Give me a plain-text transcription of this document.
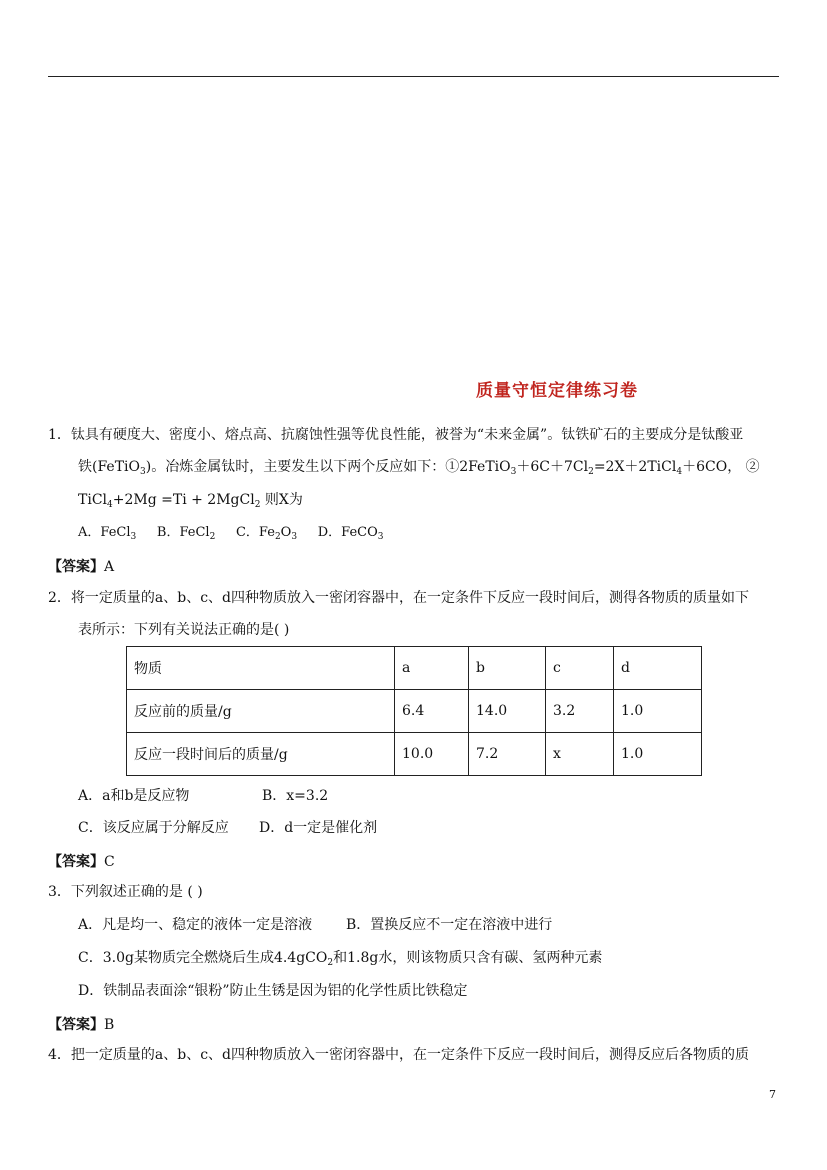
质量守恒定律练习卷
1．钛具有硬度大、密度小、熔点高、抗腐蚀性强等优良性能，被誉为“未来金属”。钛铁矿石的主要成分是钛酸亚
铁(FeTiO$_3$)。冶炼金属钛时，主要发生以下两个反应如下：$①2FeTiO_3+6C+7Cl_2=2X+2TiCl_4+6CO$， ②
TiCl$_4$+2Mg =Ti + 2MgCl$_2$ 则X为
A．FeCl$_3$ B．FeCl$_2$ C．$Fe_2O_3$ D．FeCO$_3$
【答案】A
2．将一定质量的a、b、c、d四种物质放入一密闭容器中，在一定条件下反应一段时间后，测得各物质的质量如下
表所示：下列有关说法正确的是( )
物质	a	b	c	d
反应前的质量/g	6.4	14.0	3.2	1.0
反应一段时间后的质量/g	10.0	7.2	x	1.0
A．a和b是反应物	B．x=3.2
C．该反应属于分解反应 D．d一定是催化剂
【答案】C
3．下列叙述正确的是 ( )
A．凡是均一、稳定的液体一定是溶液 B．置换反应不一定在溶液中进行
C．3.0g某物质完全燃烧后生成4.4gCO$_2$和1.8g水，则该物质只含有碳、氢两种元素
D．铁制品表面涂“银粉”防止生锈是因为铝的化学性质比铁稳定
【答案】B
4．把一定质量的a、b、c、d四种物质放入一密闭容器中，在一定条件下反应一段时间后，测得反应后各物质的质
7
